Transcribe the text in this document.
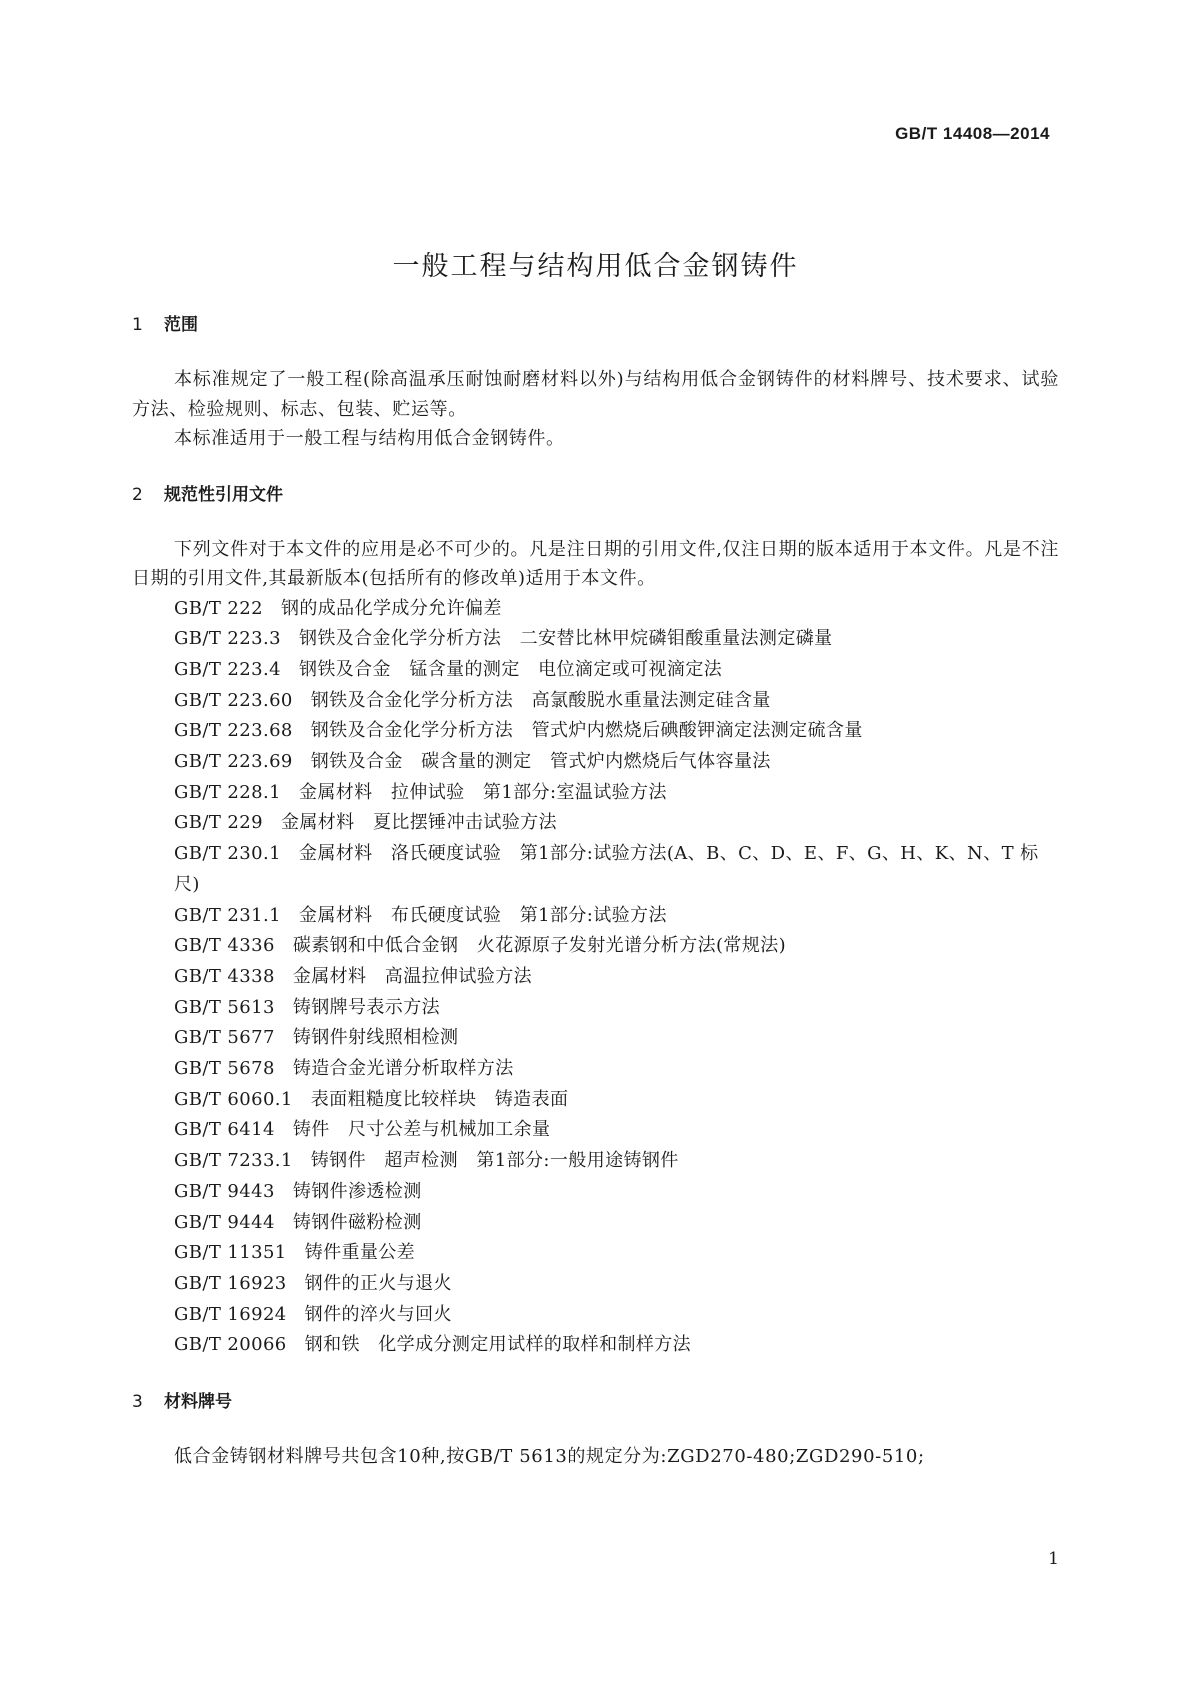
GB/T 14408—2014
一般工程与结构用低合金钢铸件
1 范围

本标准规定了一般工程(除高温承压耐蚀耐磨材料以外)与结构用低合金钢铸件的材料牌号、技术要求、试验方法、检验规则、标志、包装、贮运等。

本标准适用于一般工程与结构用低合金钢铸件。

2 规范性引用文件

下列文件对于本文件的应用是必不可少的。凡是注日期的引用文件,仅注日期的版本适用于本文件。凡是不注日期的引用文件,其最新版本(包括所有的修改单)适用于本文件。

GB/T 222 钢的成品化学成分允许偏差

GB/T 223.3 钢铁及合金化学分析方法　二安替比林甲烷磷钼酸重量法测定磷量

GB/T 223.4 钢铁及合金　锰含量的测定　电位滴定或可视滴定法

GB/T 223.60 钢铁及合金化学分析方法　高氯酸脱水重量法测定硅含量

GB/T 223.68 钢铁及合金化学分析方法　管式炉内燃烧后碘酸钾滴定法测定硫含量

GB/T 223.69 钢铁及合金　碳含量的测定　管式炉内燃烧后气体容量法

GB/T 228.1 金属材料　拉伸试验　第1部分:室温试验方法

GB/T 229 金属材料　夏比摆锤冲击试验方法

GB/T 230.1 金属材料　洛氏硬度试验　第1部分:试验方法(A、B、C、D、E、F、G、H、K、N、T 标尺)

GB/T 231.1 金属材料　布氏硬度试验　第1部分:试验方法

GB/T 4336 碳素钢和中低合金钢　火花源原子发射光谱分析方法(常规法)

GB/T 4338 金属材料　高温拉伸试验方法

GB/T 5613 铸钢牌号表示方法

GB/T 5677 铸钢件射线照相检测

GB/T 5678 铸造合金光谱分析取样方法

GB/T 6060.1 表面粗糙度比较样块　铸造表面

GB/T 6414 铸件　尺寸公差与机械加工余量

GB/T 7233.1 铸钢件　超声检测　第1部分:一般用途铸钢件

GB/T 9443 铸钢件渗透检测

GB/T 9444 铸钢件磁粉检测

GB/T 11351 铸件重量公差

GB/T 16923 钢件的正火与退火

GB/T 16924 钢件的淬火与回火

GB/T 20066 钢和铁　化学成分测定用试样的取样和制样方法

3 材料牌号

低合金铸钢材料牌号共包含10种,按GB/T 5613的规定分为:ZGD270-480;ZGD290-510;

1
